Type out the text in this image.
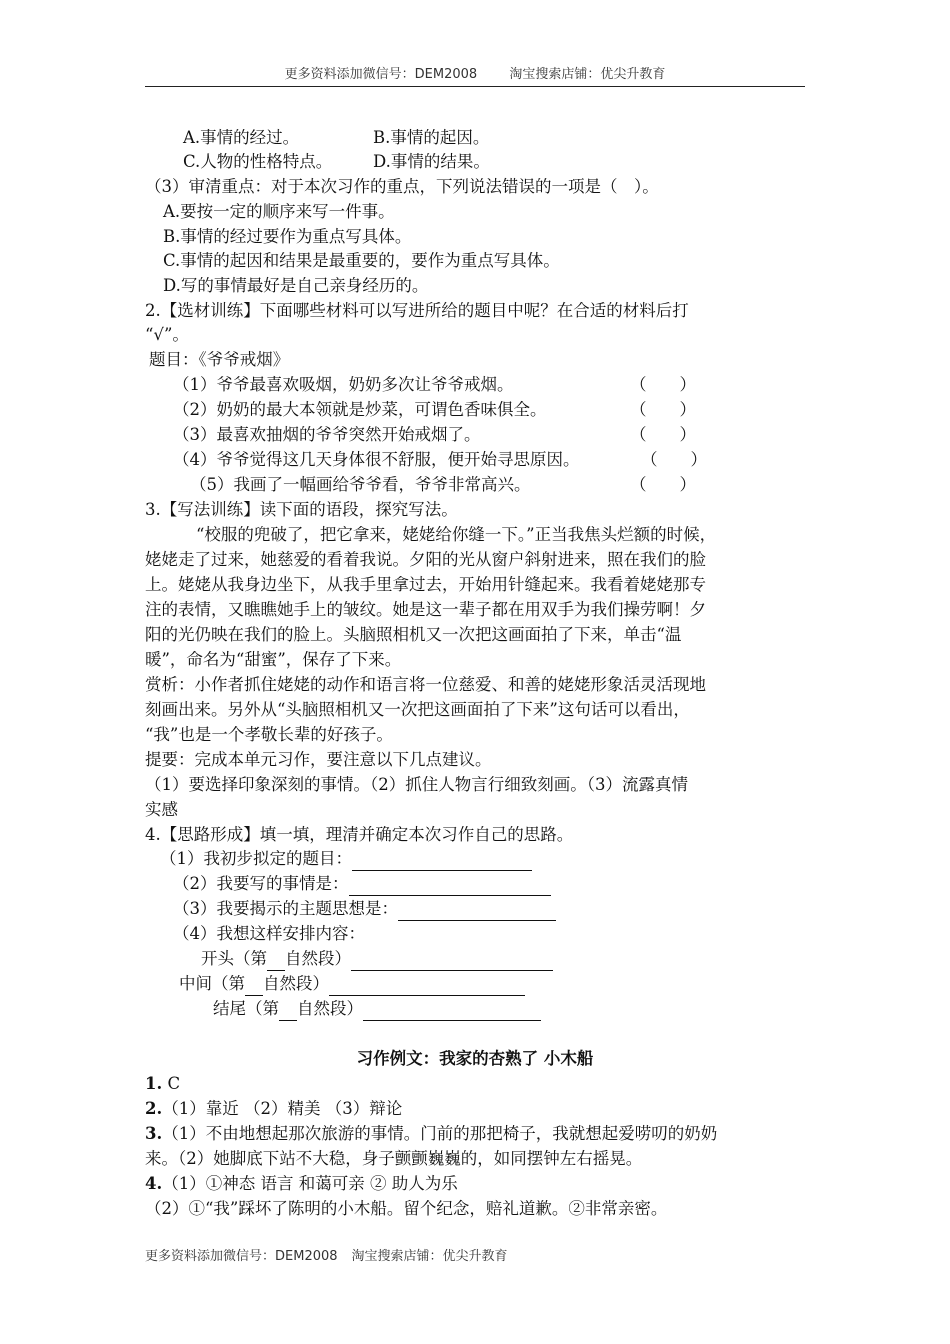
更多资料添加微信号：DEM2008 淘宝搜索店铺：优尖升教育
A.事情的经过。	B.事情的起因。
C.人物的性格特点。 D.事情的结果。
（3）审清重点：对于本次习作的重点，下列说法错误的一项是（　）。
A.要按一定的顺序来写一件事。
B.事情的经过要作为重点写具体。
C.事情的起因和结果是最重要的，要作为重点写具体。
D.写的事情最好是自己亲身经历的。
2.【选材训练】下面哪些材料可以写进所给的题目中呢？在合适的材料后打
“√”。
题目：《爷爷戒烟》
（1）爷爷最喜欢吸烟，奶奶多次让爷爷戒烟。	（　　）
（2）奶奶的最大本领就是炒菜，可谓色香味俱全。	（　　）
（3）最喜欢抽烟的爷爷突然开始戒烟了。	（　　）
（4）爷爷觉得这几天身体很不舒服，便开始寻思原因。	（　　）
（5）我画了一幅画给爷爷看，爷爷非常高兴。	（　　）
3.【写法训练】读下面的语段，探究写法。
“校服的兜破了，把它拿来，姥姥给你缝一下。”正当我焦头烂额的时候，
姥姥走了过来，她慈爱的看着我说。夕阳的光从窗户斜射进来，照在我们的脸
上。姥姥从我身边坐下，从我手里拿过去，开始用针缝起来。我看着姥姥那专
注的表情，又瞧瞧她手上的皱纹。她是这一辈子都在用双手为我们操劳啊！夕
阳的光仍映在我们的脸上。头脑照相机又一次把这画面拍了下来，单击“温
暖”，命名为“甜蜜”，保存了下来。
赏析：小作者抓住姥姥的动作和语言将一位慈爱、和善的姥姥形象活灵活现地
刻画出来。另外从“头脑照相机又一次把这画面拍了下来”这句话可以看出，
“我”也是一个孝敬长辈的好孩子。
提要：完成本单元习作，要注意以下几点建议。
（1）要选择印象深刻的事情。（2）抓住人物言行细致刻画。（3）流露真情
实感
4.【思路形成】填一填，理清并确定本次习作自己的思路。
（1）我初步拟定的题目：
（2）我要写的事情是：
（3）我要揭示的主题思想是：
（4）我想这样安排内容：
开头（第 自然段）
中间（第 自然段）
结尾（第 自然段）
习作例文：我家的杏熟了 小木船
1. C
2.（1）靠近 （2）精美 （3）辩论
3.（1）不由地想起那次旅游的事情。门前的那把椅子，我就想起爱唠叨的奶奶
来。（2）她脚底下站不大稳，身子颤颤巍巍的，如同摆钟左右摇晃。
4.（1）①神态 语言 和蔼可亲 ② 助人为乐
（2）①“我”踩坏了陈明的小木船。留个纪念，赔礼道歉。②非常亲密。
更多资料添加微信号：DEM2008 淘宝搜索店铺：优尖升教育
